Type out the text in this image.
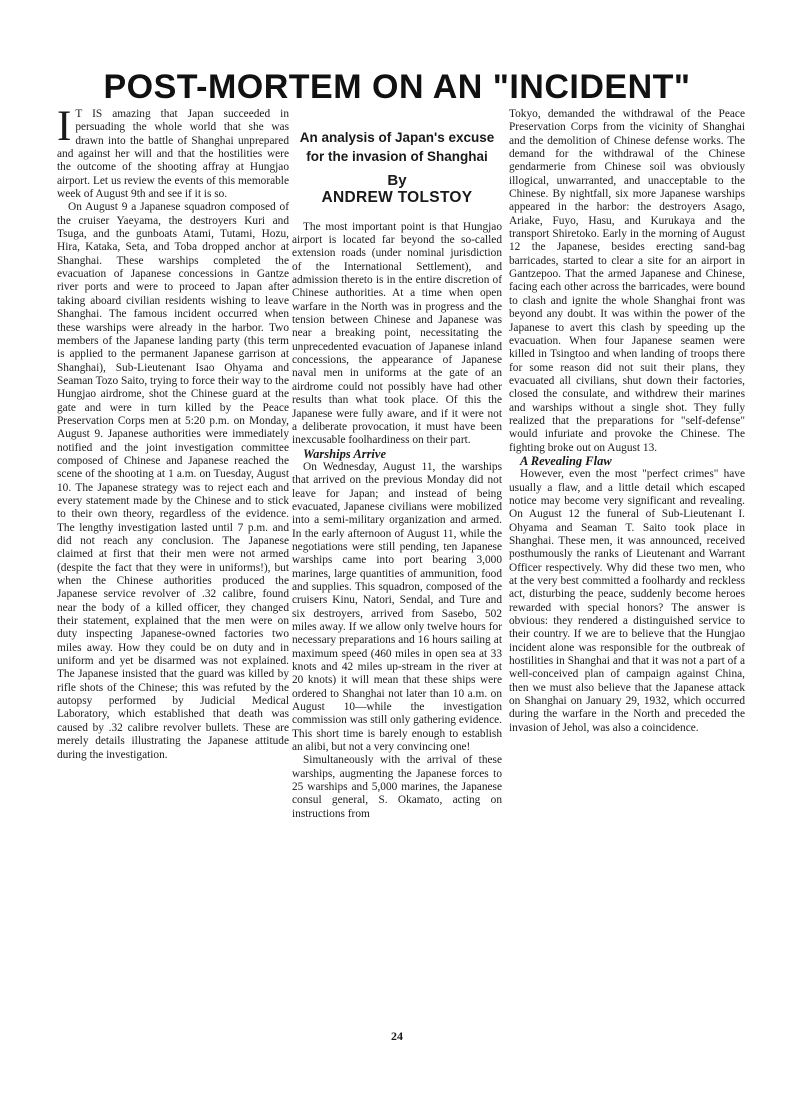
POST-MORTEM ON AN "INCIDENT"

I T IS amazing that Japan succeeded in persuading the whole world that she was drawn into the battle of Shanghai unprepared and against her will and that the hostilities were the outcome of the shooting affray at Hungjao airport. Let us review the events of this memorable week of August 9th and see if it is so.

On August 9 a Japanese squadron composed of the cruiser Yaeyama, the destroyers Kuri and Tsuga, and the gunboats Atami, Tutami, Hozu, Hira, Kataka, Seta, and Toba dropped anchor at Shanghai. These warships completed the evacuation of Japanese concessions in Gantze river ports and were to proceed to Japan after taking aboard civilian residents wishing to leave Shanghai. The famous incident occurred when these warships were already in the harbor. Two members of the Japanese landing party (this term is applied to the permanent Japanese garrison at Shanghai), Sub-Lieutenant Isao Ohyama and Seaman Tozo Saito, trying to force their way to the Hungjao airdrome, shot the Chinese guard at the gate and were in turn killed by the Peace Preservation Corps men at 5:20 p.m. on Monday, August 9. Japanese authorities were immediately notified and the joint investigation committee composed of Chinese and Japanese reached the scene of the shooting at 1 a.m. on Tuesday, August 10. The Japanese strategy was to reject each and every statement made by the Chinese and to stick to their own theory, regardless of the evidence. The lengthy investigation lasted until 7 p.m. and did not reach any conclusion. The Japanese claimed at first that their men were not armed (despite the fact that they were in uniforms!), but when the Chinese authorities produced the Japanese service revolver of .32 calibre, found near the body of a killed officer, they changed their statement, explained that the men were on duty inspecting Japanese-owned factories two miles away. How they could be on duty and in uniform and yet be disarmed was not explained. The Japanese insisted that the guard was killed by rifle shots of the Chinese; this was refuted by the autopsy performed by Judicial Medical Laboratory, which established that death was caused by .32 calibre revolver bullets. These are merely details illustrating the Japanese attitude during the investigation.

An analysis of Japan's excuse for the invasion of Shanghai
By
ANDREW TOLSTOY

The most important point is that Hungjao airport is located far beyond the so-called extension roads (under nominal jurisdiction of the International Settlement), and admission thereto is in the entire discretion of Chinese authorities. At a time when open warfare in the North was in progress and the tension between Chinese and Japanese was near a breaking point, necessitating the unprecedented evacuation of Japanese inland concessions, the appearance of Japanese naval men in uniforms at the gate of an airdrome could not possibly have had other results than what took place. Of this the Japanese were fully aware, and if it were not a deliberate provocation, it must have been inexcusable foolhardiness on their part.

Warships Arrive

On Wednesday, August 11, the warships that arrived on the previous Monday did not leave for Japan; and instead of being evacuated, Japanese civilians were mobilized into a semi-military organization and armed. In the early afternoon of August 11, while the negotiations were still pending, ten Japanese warships came into port bearing 3,000 marines, large quantities of ammunition, food and supplies. This squadron, composed of the cruisers Kinu, Natori, Sendal, and Ture and six destroyers, arrived from Sasebo, 502 miles away. If we allow only twelve hours for necessary preparations and 16 hours sailing at maximum speed (460 miles in open sea at 33 knots and 42 miles up-stream in the river at 20 knots) it will mean that these ships were ordered to Shanghai not later than 10 a.m. on August 10—while the investigation commission was still only gathering evidence. This short time is barely enough to establish an alibi, but not a very convincing one!

Simultaneously with the arrival of these warships, augmenting the Japanese forces to 25 warships and 5,000 marines, the Japanese consul general, S. Okamato, acting on instructions from

Tokyo, demanded the withdrawal of the Peace Preservation Corps from the vicinity of Shanghai and the demolition of Chinese defense works. The demand for the withdrawal of the Chinese gendarmerie from Chinese soil was obviously illogical, unwarranted, and unacceptable to the Chinese. By nightfall, six more Japanese warships appeared in the harbor: the destroyers Asago, Ariake, Fuyo, Hasu, and Kurukaya and the transport Shiretoko. Early in the morning of August 12 the Japanese, besides erecting sand-bag barricades, started to clear a site for an airport in Gantzepoo. That the armed Japanese and Chinese, facing each other across the barricades, were bound to clash and ignite the whole Shanghai front was beyond any doubt. It was within the power of the Japanese to avert this clash by speeding up the evacuation. When four Japanese seamen were killed in Tsingtoo and when landing of troops there for some reason did not suit their plans, they evacuated all civilians, shut down their factories, closed the consulate, and withdrew their marines and warships without a single shot. They fully realized that the preparations for "self-defense" would infuriate and provoke the Chinese. The fighting broke out on August 13.

A Revealing Flaw

However, even the most "perfect crimes" have usually a flaw, and a little detail which escaped notice may become very significant and revealing. On August 12 the funeral of Sub-Lieutenant I. Ohyama and Seaman T. Saito took place in Shanghai. These men, it was announced, received posthumously the ranks of Lieutenant and Warrant Officer respectively. Why did these two men, who at the very best committed a foolhardy and reckless act, disturbing the peace, suddenly become heroes rewarded with special honors? The answer is obvious: they rendered a distinguished service to their country. If we are to believe that the Hungjao incident alone was responsible for the outbreak of hostilities in Shanghai and that it was not a part of a well-conceived plan of campaign against China, then we must also believe that the Japanese attack on Shanghai on January 29, 1932, which occurred during the warfare in the North and preceded the invasion of Jehol, was also a coincidence.

24
